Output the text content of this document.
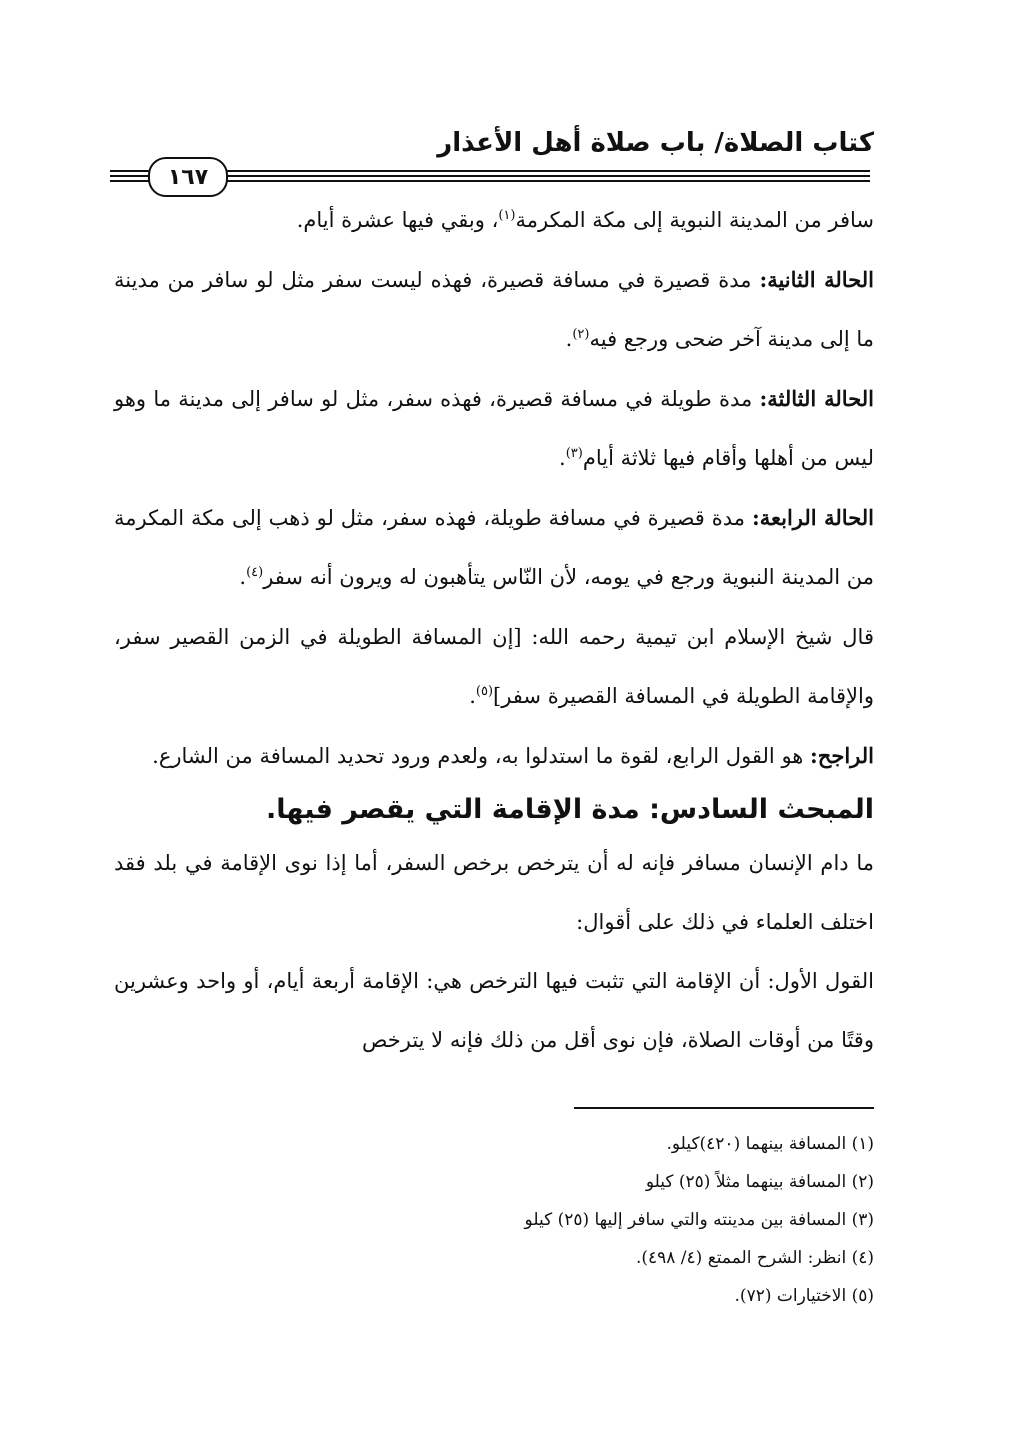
كتاب الصلاة/ باب صلاة أهل الأعذار
١٦٧

سافر من المدينة النبوية إلى مكة المكرمة$^{(١)}$، وبقي فيها عشرة أيام.

الحالة الثانية: مدة قصيرة في مسافة قصيرة، فهذه ليست سفر مثل لو سافر من مدينة ما إلى مدينة آخر ضحى ورجع فيه$^{(٢)}$.

الحالة الثالثة: مدة طويلة في مسافة قصيرة، فهذه سفر، مثل لو سافر إلى مدينة ما وهو ليس من أهلها وأقام فيها ثلاثة أيام$^{(٣)}$.

الحالة الرابعة: مدة قصيرة في مسافة طويلة، فهذه سفر، مثل لو ذهب إلى مكة المكرمة من المدينة النبوية ورجع في يومه، لأن النّاس يتأهبون له ويرون أنه سفر$^{(٤)}$.

قال شيخ الإسلام ابن تيمية رحمه الله: [إن المسافة الطويلة في الزمن القصير سفر، والإقامة الطويلة في المسافة القصيرة سفر]$^{(٥)}$.

الراجح: هو القول الرابع، لقوة ما استدلوا به، ولعدم ورود تحديد المسافة من الشارع.

المبحث السادس: مدة الإقامة التي يقصر فيها.

ما دام الإنسان مسافر فإنه له أن يترخص برخص السفر، أما إذا نوى الإقامة في بلد فقد اختلف العلماء في ذلك على أقوال:

القول الأول: أن الإقامة التي تثبت فيها الترخص هي: الإقامة أربعة أيام، أو واحد وعشرين وقتًا من أوقات الصلاة، فإن نوى أقل من ذلك فإنه لا يترخص

(١) المسافة بينهما (٤٢٠)كيلو.
(٢) المسافة بينهما مثلاً (٢٥) كيلو
(٣) المسافة بين مدينته والتي سافر إليها (٢٥) كيلو
(٤) انظر: الشرح الممتع (٤/ ٤٩٨).
(٥) الاختيارات (٧٢).
